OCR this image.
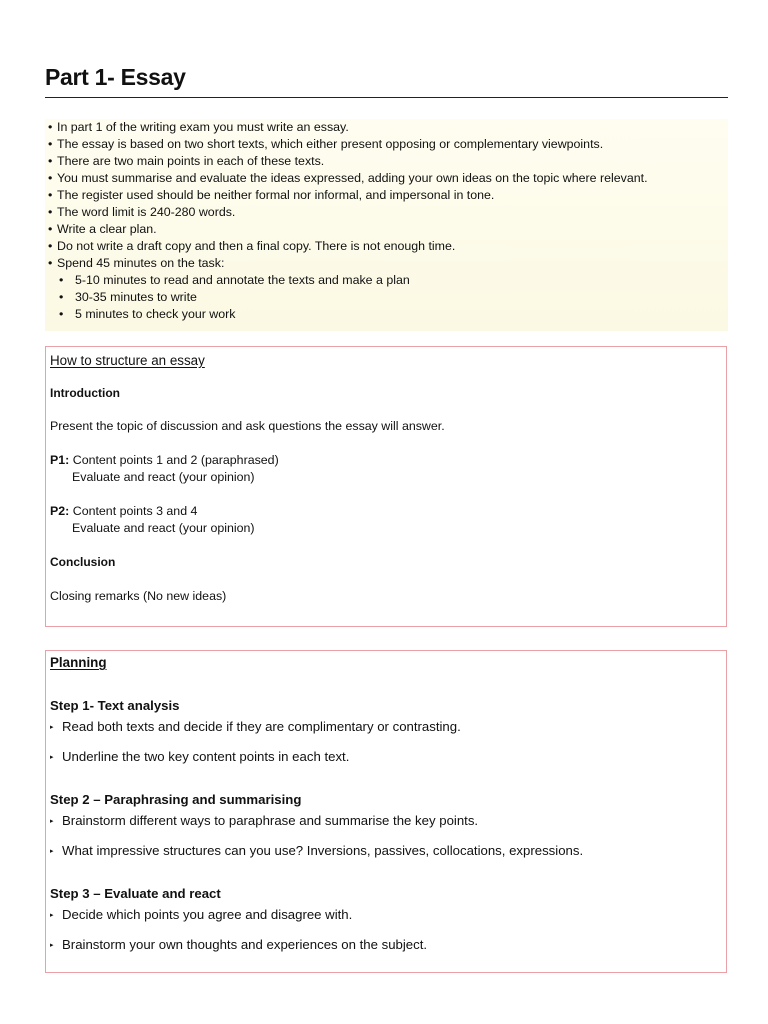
Part 1- Essay
• In part 1 of the writing exam you must write an essay.
• The essay is based on two short texts, which either present opposing or complementary viewpoints.
• There are two main points in each of these texts.
• You must summarise and evaluate the ideas expressed, adding your own ideas on the topic where relevant.
• The register used should be neither formal nor informal, and impersonal in tone.
• The word limit is 240-280 words.
• Write a clear plan.
• Do not write a draft copy and then a final copy. There is not enough time.
• Spend 45 minutes on the task:
• 5-10 minutes to read and annotate the texts and make a plan
• 30-35 minutes to write
• 5 minutes to check your work

How to structure an essay

Introduction

Present the topic of discussion and ask questions the essay will answer.

P1: Content points 1 and 2 (paraphrased)

Evaluate and react (your opinion)

P2: Content points 3 and 4

Evaluate and react (your opinion)

Conclusion

Closing remarks (No new ideas)

Planning

Step 1- Text analysis

▸ Read both texts and decide if they are complimentary or contrasting.

▸ Underline the two key content points in each text.

Step 2 – Paraphrasing and summarising

▸ Brainstorm different ways to paraphrase and summarise the key points.

▸ What impressive structures can you use? Inversions, passives, collocations, expressions.

Step 3 – Evaluate and react

▸ Decide which points you agree and disagree with.

▸ Brainstorm your own thoughts and experiences on the subject.
